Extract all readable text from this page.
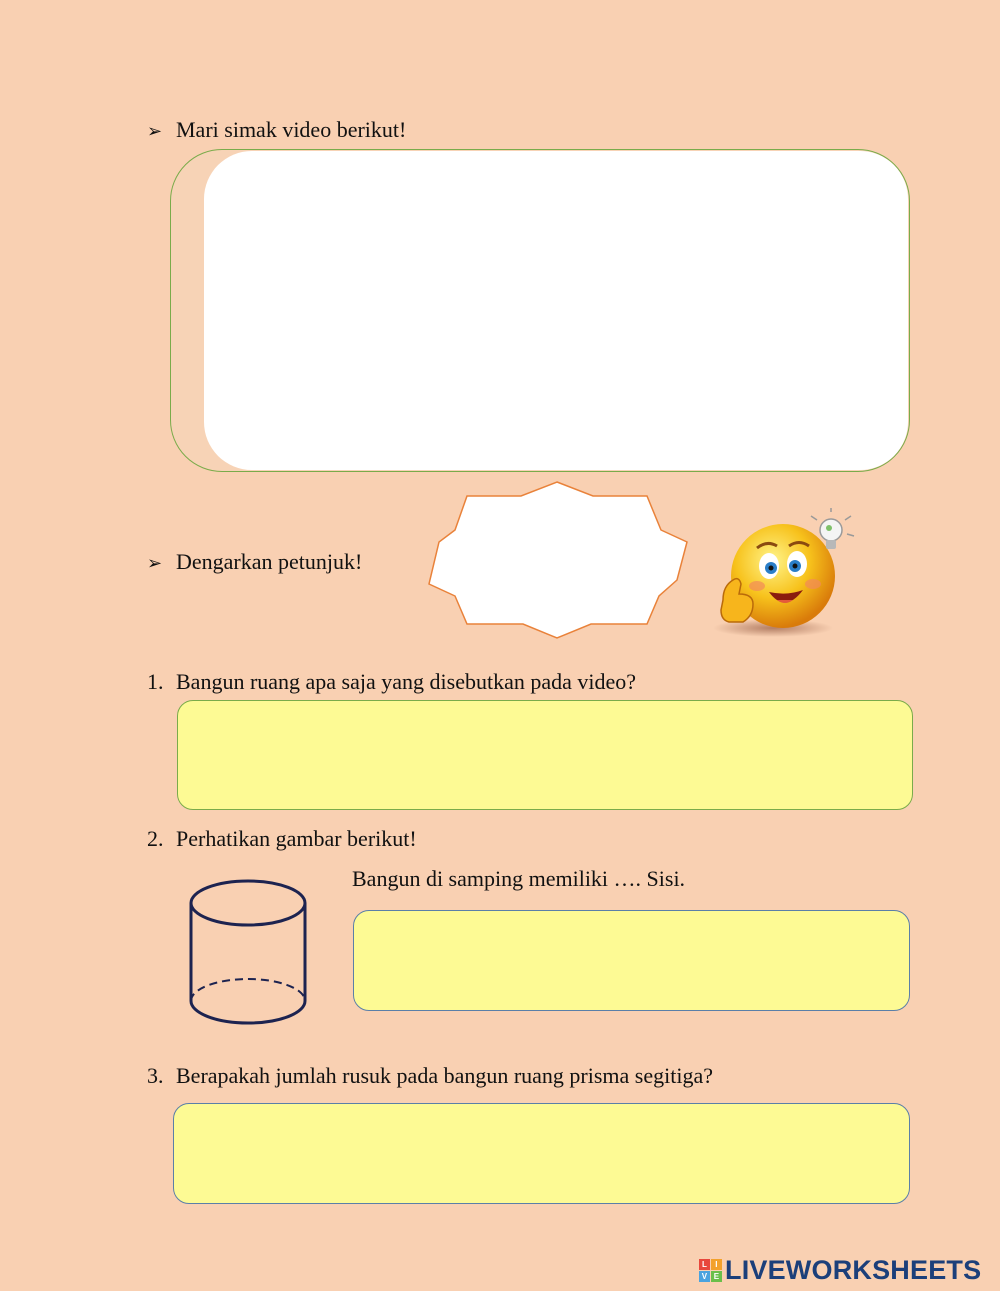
➢ Mari simak video berikut!
➢ Dengarkan petunjuk!
1. Bangun ruang apa saja yang disebutkan pada video?
2. Perhatikan gambar berikut!
Bangun di samping memiliki …. Sisi.
3. Berapakah jumlah rusuk pada bangun ruang prisma segitiga?
L	I
V E LIVEWORKSHEETS
